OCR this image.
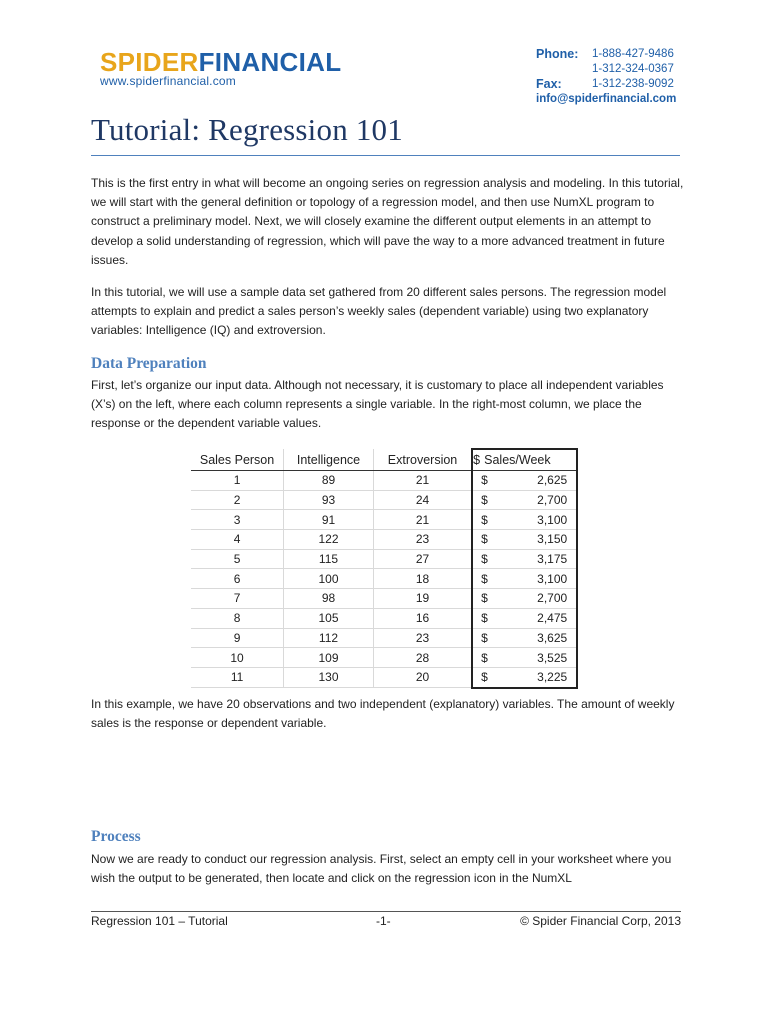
SPIDERFINANCIAL
www.spiderfinancial.com
Phone:	1-888-427-9486
1-312-324-0367
Fax:	1-312-238-9092
info@spiderfinancial.com
Tutorial: Regression 101
This is the first entry in what will become an ongoing series on regression analysis and modeling. In this tutorial, we will start with the general definition or topology of a regression model, and then use NumXL program to construct a preliminary model. Next, we will closely examine the different output elements in an attempt to develop a solid understanding of regression, which will pave the way to a more advanced treatment in future issues.
In this tutorial, we will use a sample data set gathered from 20 different sales persons. The regression model attempts to explain and predict a sales person’s weekly sales (dependent variable) using two explanatory variables: Intelligence (IQ) and extroversion.
Data Preparation
First, let’s organize our input data. Although not necessary, it is customary to place all independent variables (X’s) on the left, where each column represents a single variable. In the right-most column, we place the response or the dependent variable values.
Sales Person	Intelligence	Extroversion	$ Sales/Week
1	89	21	$ 2,625
2	93	24	$ 2,700
3	91	21	$ 3,100
4	122	23	$ 3,150
5	115	27	$ 3,175
6	100	18	$ 3,100
7	98	19	$ 2,700
8	105	16	$ 2,475
9	112	23	$ 3,625
10	109	28	$ 3,525
11	130	20	$ 3,225
In this example, we have 20 observations and two independent (explanatory) variables. The amount of weekly sales is the response or dependent variable.
Process
Now we are ready to conduct our regression analysis. First, select an empty cell in your worksheet where you wish the output to be generated, then locate and click on the regression icon in the NumXL
Regression 101 – Tutorial	-1-	© Spider Financial Corp, 2013
